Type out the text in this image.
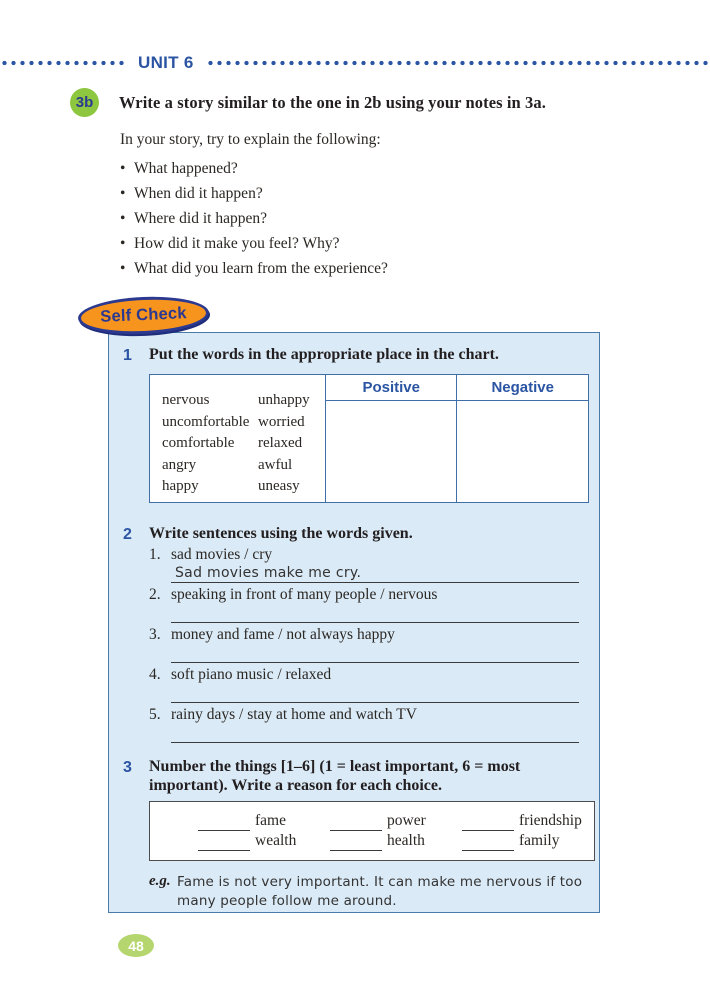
UNIT 6
3b	Write a story similar to the one in 2b using your notes in 3a.
In your story, try to explain the following:
• What happened?
• When did it happen?
• Where did it happen?
• How did it make you feel? Why?
• What did you learn from the experience?
Self Check
1	Put the words in the appropriate place in the chart.
nervous	unhappy
uncomfortable worried
comfortable	relaxed
angry	awful
happy	uneasy
	Positive	Negative

2	Write sentences using the words given.
1. sad movies / cry
Sad movies make me cry.
2. speaking in front of many people / nervous
3. money and fame / not always happy
4. soft piano music / relaxed
5. rainy days / stay at home and watch TV
3	Number the things [1–6] (1 = least important, 6 = most important). Write a reason for each choice.
fame	power	friendship
wealth	health	family
e.g. Fame is not very important. It can make me nervous if too many people follow me around.
48
